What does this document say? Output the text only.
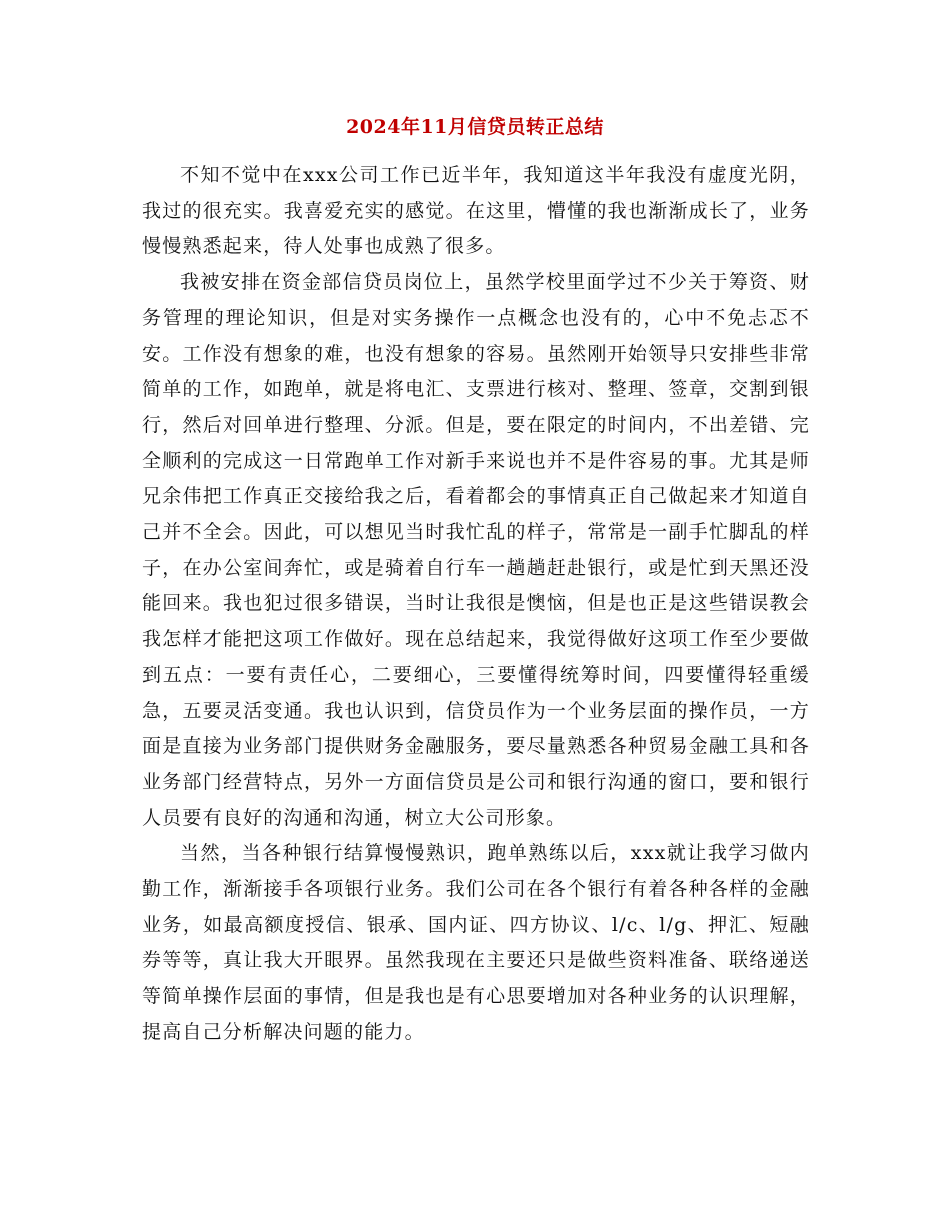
2024年11月信贷员转正总结

不知不觉中在xxx公司工作已近半年，我知道这半年我没有虚度光阴，我过的很充实。我喜爱充实的感觉。在这里，懵懂的我也渐渐成长了，业务慢慢熟悉起来，待人处事也成熟了很多。

我被安排在资金部信贷员岗位上，虽然学校里面学过不少关于筹资、财务管理的理论知识，但是对实务操作一点概念也没有的，心中不免忐忑不安。工作没有想象的难，也没有想象的容易。虽然刚开始领导只安排些非常简单的工作，如跑单，就是将电汇、支票进行核对、整理、签章，交割到银行，然后对回单进行整理、分派。但是，要在限定的时间内，不出差错、完全顺利的完成这一日常跑单工作对新手来说也并不是件容易的事。尤其是师兄余伟把工作真正交接给我之后，看着都会的事情真正自己做起来才知道自己并不全会。因此，可以想见当时我忙乱的样子，常常是一副手忙脚乱的样子，在办公室间奔忙，或是骑着自行车一趟趟赶赴银行，或是忙到天黑还没能回来。我也犯过很多错误，当时让我很是懊恼，但是也正是这些错误教会我怎样才能把这项工作做好。现在总结起来，我觉得做好这项工作至少要做到五点：一要有责任心，二要细心，三要懂得统筹时间，四要懂得轻重缓急，五要灵活变通。我也认识到，信贷员作为一个业务层面的操作员，一方面是直接为业务部门提供财务金融服务，要尽量熟悉各种贸易金融工具和各业务部门经营特点，另外一方面信贷员是公司和银行沟通的窗口，要和银行人员要有良好的沟通和沟通，树立大公司形象。

当然，当各种银行结算慢慢熟识，跑单熟练以后，xxx就让我学习做内勤工作，渐渐接手各项银行业务。我们公司在各个银行有着各种各样的金融业务，如最高额度授信、银承、国内证、四方协议、l/c、l/g、押汇、短融券等等，真让我大开眼界。虽然我现在主要还只是做些资料准备、联络递送等简单操作层面的事情，但是我也是有心思要增加对各种业务的认识理解，提高自己分析解决问题的能力。
